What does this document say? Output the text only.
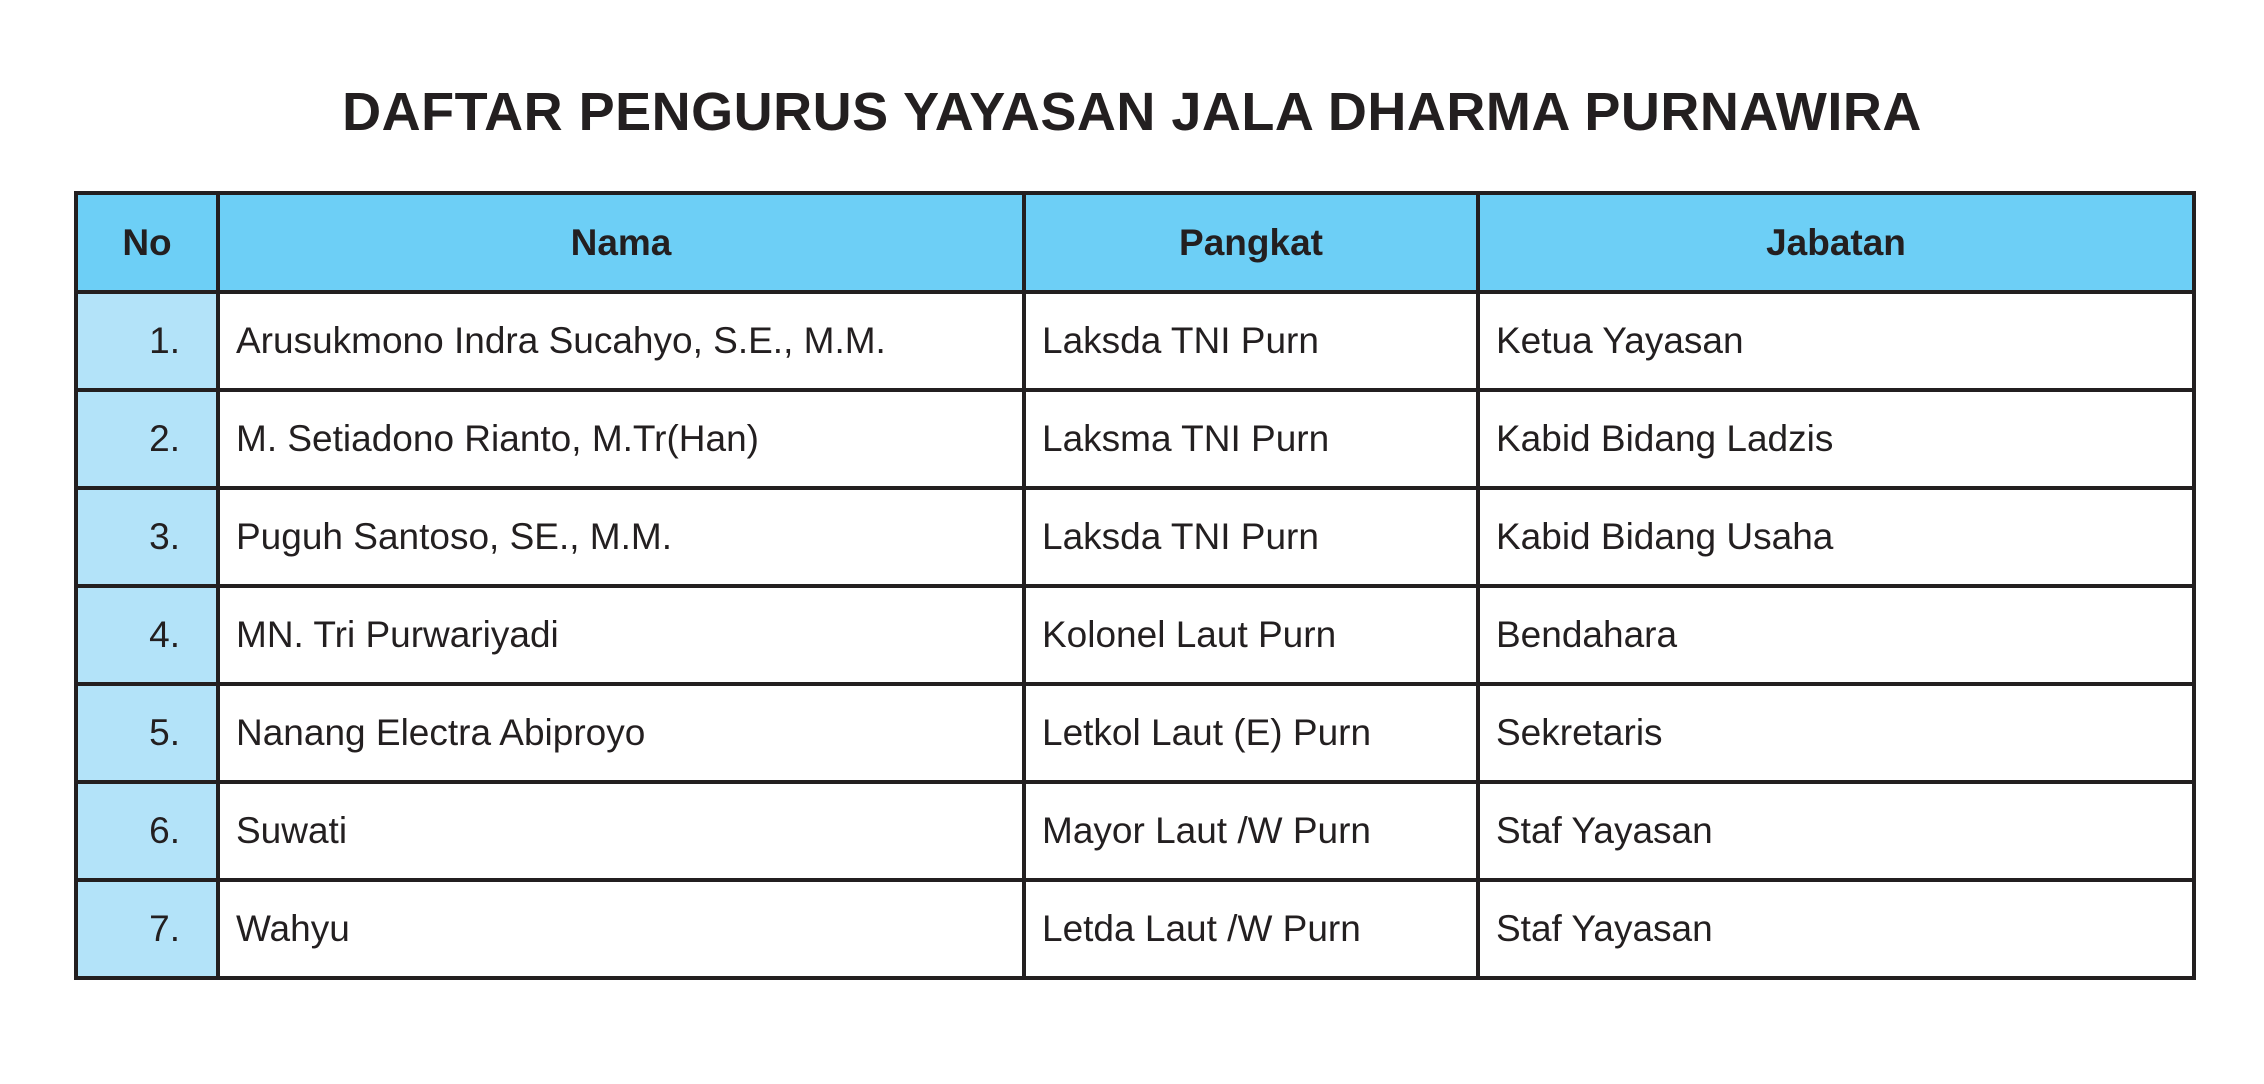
DAFTAR PENGURUS YAYASAN JALA DHARMA PURNAWIRA
No	Nama	Pangkat	Jabatan
1.	Arusukmono Indra Sucahyo, S.E., M.M.	Laksda TNI Purn	Ketua Yayasan
2.	M. Setiadono Rianto, M.Tr(Han)	Laksma TNI Purn	Kabid Bidang Ladzis
3.	Puguh Santoso, SE., M.M.	Laksda TNI Purn	Kabid Bidang Usaha
4.	MN. Tri Purwariyadi	Kolonel Laut Purn	Bendahara
5.	Nanang Electra Abiproyo	Letkol Laut (E) Purn	Sekretaris
6.	Suwati	Mayor Laut /W Purn	Staf Yayasan
7.	Wahyu	Letda Laut /W Purn	Staf Yayasan
